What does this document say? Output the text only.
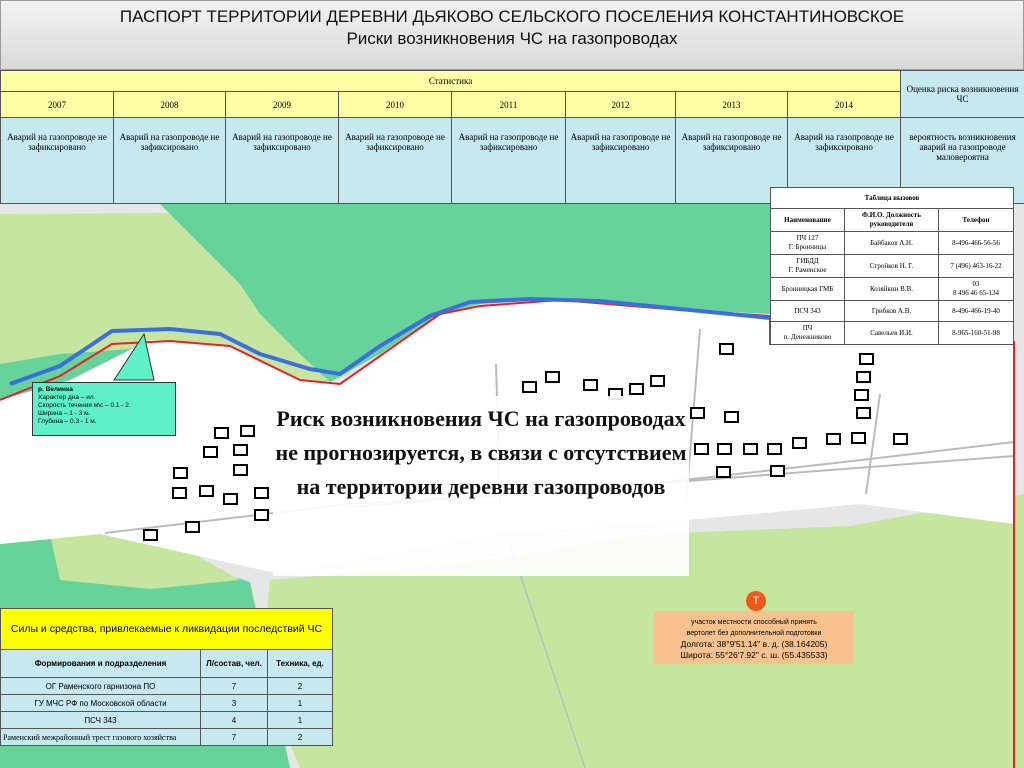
ПАСПОРТ ТЕРРИТОРИИ ДЕРЕВНИ ДЬЯКОВО СЕЛЬСКОГО ПОСЕЛЕНИЯ КОНСТАНТИНОВСКОЕ
Риски возникновения ЧС на газопроводах
Статистика								Оценка риска возникновения ЧС
2007	2008	2009	2010	2011	2012	2013	2014	
Аварий на газопроводе не зафиксировано	Аварий на газопроводе не зафиксировано	Аварий на газопроводе не зафиксировано	Аварий на газопроводе не зафиксировано	Аварий на газопроводе не зафиксировано	Аварий на газопроводе не зафиксировано	Аварий на газопроводе не зафиксировано	Аварий на газопроводе не зафиксировано	вероятность возникновения аварий на газопроводе маловероятна
Таблица вызовов		
Наименование	Ф.И.О. Должность руководителя	Телефон
ПЧ 127
Г. Бронницы	Байбаков А.Н.	8-496-466-56-56
ГИБДД
Г. Раменское	Стройков Н. Г.	7 (496) 463-16-22
Бронницкая ГМБ	Козяйкин В.В.	03
8 496 46 65-134
ПСЧ 343	Грибков А.В.	8-496-466-19-40
ПЧ
п. Денежниково	Савельев И.И.	8-965-160-51-98
р. Велинка
Характер дна – ил.
Скорость течения м\с – 0.1 - 2.
Ширина – 1 - 3 м.
Глубина – 0.3 - 1 м.	Риск возникновения ЧС на газопроводах не прогнозируется, в связи с отсутствием на территории деревни газопроводов
Силы и средства, привлекаемые к ликвидации последствий ЧС		
Формирования и подразделения	Л/состав, чел.	Техника, ед.
ОГ Раменского гарнизона ПО	7	2
ГУ МЧС РФ по Московской области	3	1
ПСЧ 343	4	1
Раменский межрайонный трест газового хозяйства	7	2
Т
участок местности способный принять
вертолет без дополнительной подготовки
Долгота: 38°9'51.14" в. д. (38.164205)
Широта: 55°26'7.92" с. ш. (55.435533)
